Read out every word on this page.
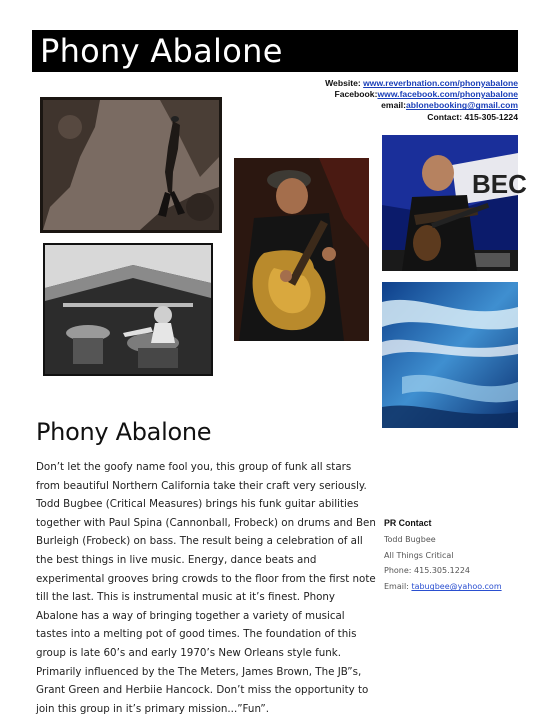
Phony Abalone
Website: www.reverbnation.com/phonyabalone
Facebook:www.facebook.com/phonyabalone
email:ablonebooking@gmail.com
Contact: 415-305-1224
BEC
Phony Abalone

Don’t let the goofy name fool you, this group of funk all stars from beautiful Northern California take their craft very seriously. Todd Bugbee (Critical Measures) brings his funk guitar abilities together with Paul Spina (Cannonball, Frobeck) on drums and Ben Burleigh (Frobeck) on bass. The result being a celebration of all the best things in live music. Energy, dance beats and experimental grooves bring crowds to the floor from the first note till the last. This is instrumental music at it’s finest. Phony Abalone has a way of bringing together a variety of musical tastes into a melting pot of good times. The foundation of this group is late 60’s and early 1970’s New Orleans style funk. Primarily influenced by the The Meters, James Brown, The JB”s, Grant Green and Herbiie Hancock. Don’t miss the opportunity to join this group in it’s primary mission...”Fun”.

PR Contact
Todd Bugbee
All Things Critical
Phone: 415.305.1224
Email: tabugbee@yahoo.com
